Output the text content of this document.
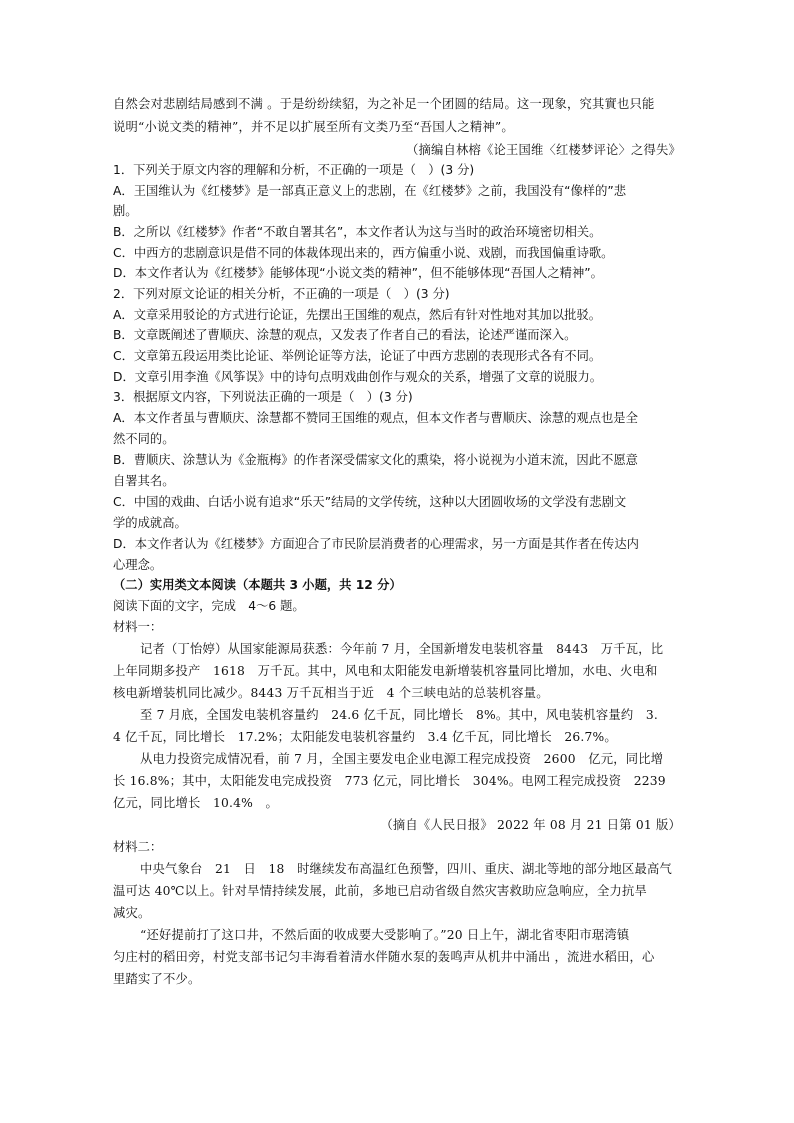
自然会对悲剧结局感到不满 。于是纷纷续貂，为之补足一个团圆的结局。这一现象，究其實也只能
说明“小说文类的精神”，并不足以扩展至所有文类乃至“吾国人之精神”。
（摘编自林榕《论王国维〈红楼梦评论〉之得失》
1．下列关于原文内容的理解和分析，不正确的一项是（　）(3 分)
A．王国维认为《红楼梦》是一部真正意义上的悲剧，在《红楼梦》之前，我国没有“像样的”悲
剧。
B．之所以《红楼梦》作者“不敢自署其名”，本文作者认为这与当时的政治环境密切相关。
C．中西方的悲剧意识是借不同的体裁体现出来的，西方偏重小说、戏剧，而我国偏重诗歌。
D．本文作者认为《红楼梦》能够体现“小说文类的精神”，但不能够体现“吾国人之精神”。
2．下列对原文论证的相关分析，不正确的一项是（　）(3 分)
A．文章采用驳论的方式进行论证，先摆出王国维的观点，然后有针对性地对其加以批驳。
B．文章既阐述了曹顺庆、涂慧的观点，又发表了作者自己的看法，论述严谨而深入。
C．文章第五段运用类比论证、举例论证等方法，论证了中西方悲剧的表现形式各有不同。
D．文章引用李渔《风筝误》中的诗句点明戏曲创作与观众的关系，增强了文章的说服力。
3．根据原文内容，下列说法正确的一项是（　）(3 分)
A．本文作者虽与曹顺庆、涂慧都不赞同王国维的观点，但本文作者与曹顺庆、涂慧的观点也是全
然不同的。
B．曹顺庆、涂慧认为《金瓶梅》的作者深受儒家文化的熏染，将小说视为小道末流，因此不愿意
自署其名。
C．中国的戏曲、白话小说有追求“乐天”结局的文学传统，这种以大团圆收场的文学没有悲剧文
学的成就高。
D．本文作者认为《红楼梦》方面迎合了市民阶层消费者的心理需求，另一方面是其作者在传达内
心理念。
（二）实用类文本阅读（本题共 3 小题，共 12 分）
阅读下面的文字，完成　4～6 题。
材料一：
记者（丁怡婷）从国家能源局获悉：今年前 7 月，全国新增发电装机容量　8443　万千瓦，比
上年同期多投产　1618　万千瓦。其中，风电和太阳能发电新增装机容量同比增加，水电、火电和
核电新增装机同比减少。8443 万千瓦相当于近　4 个三峡电站的总装机容量。
至 7 月底，全国发电装机容量约　24.6 亿千瓦，同比增长　8%。其中，风电装机容量约　3.
4 亿千瓦，同比增长　17.2%；太阳能发电装机容量约　3.4 亿千瓦，同比增长　26.7%。
从电力投资完成情况看，前 7 月，全国主要发电企业电源工程完成投资　2600　亿元，同比增
长 16.8%；其中，太阳能发电完成投资　773 亿元，同比增长　304%。电网工程完成投资　2239
亿元，同比增长　10.4%　。
（摘自《人民日报》 2022 年 08 月 21 日第 01 版）
材料二：
中央气象台　21　日　18　时继续发布高温红色预警，四川、重庆、湖北等地的部分地区最高气
温可达 40℃以上。针对旱情持续发展，此前，多地已启动省级自然灾害救助应急响应，全力抗旱
减灾。
“还好提前打了这口井，不然后面的收成要大受影响了。”20 日上午，湖北省枣阳市琚湾镇
匀庄村的稻田旁，村党支部书记匀丰海看着清水伴随水泵的轰鸣声从机井中涌出 ，流进水稻田，心
里踏实了不少。
